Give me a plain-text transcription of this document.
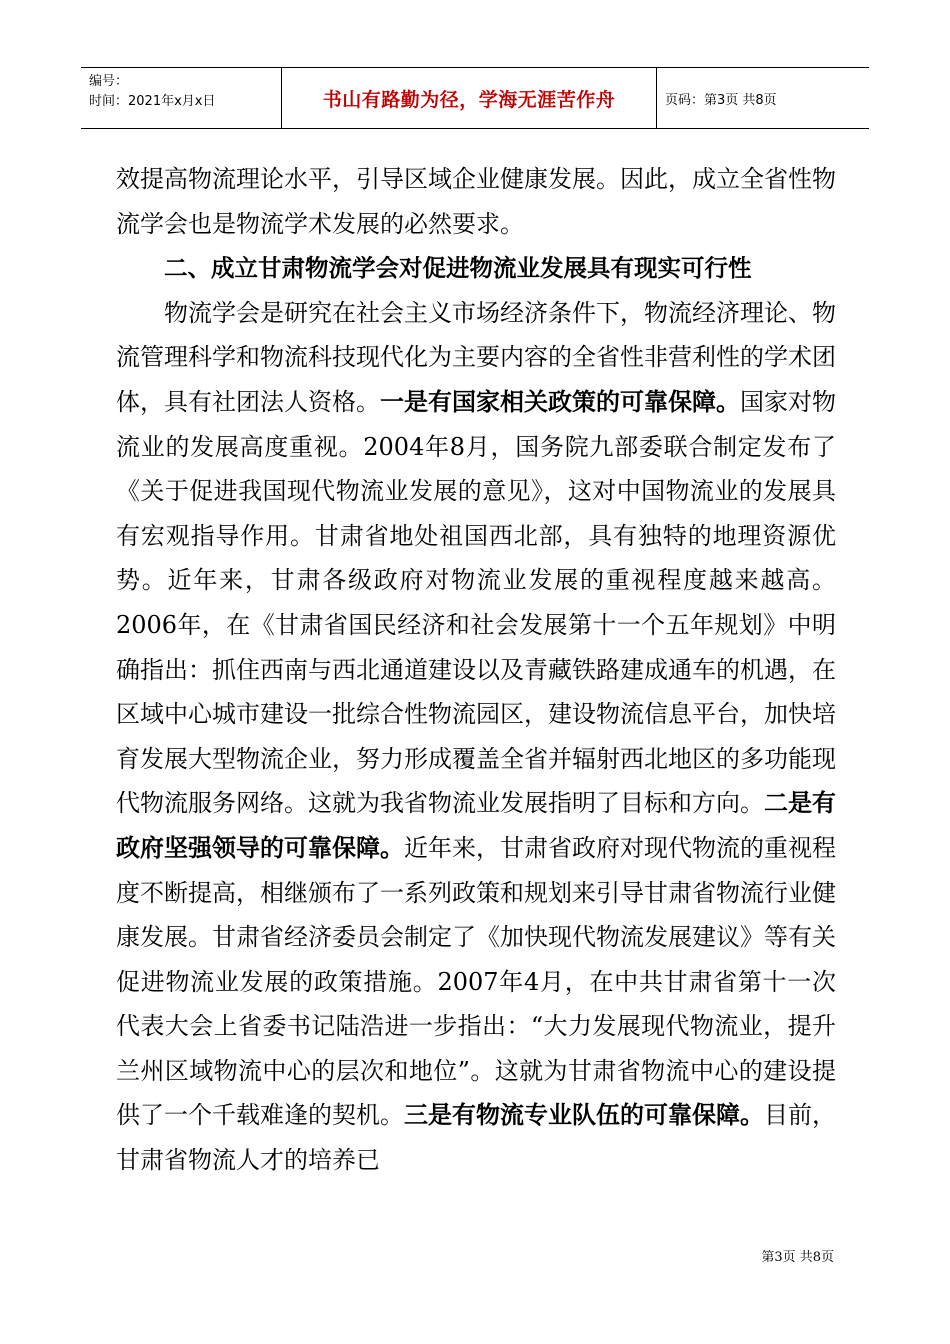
编号：
时间：2021年x月x日	书山有路勤为径，学海无涯苦作舟	页码：第3页 共8页

效提高物流理论水平，引导区域企业健康发展。因此，成立全省性物流学会也是物流学术发展的必然要求。

二、成立甘肃物流学会对促进物流业发展具有现实可行性

物流学会是研究在社会主义市场经济条件下，物流经济理论、物流管理科学和物流科技现代化为主要内容的全省性非营利性的学术团体，具有社团法人资格。一是有国家相关政策的可靠保障。国家对物流业的发展高度重视。2004年8月，国务院九部委联合制定发布了《关于促进我国现代物流业发展的意见》，这对中国物流业的发展具有宏观指导作用。甘肃省地处祖国西北部，具有独特的地理资源优势。近年来，甘肃各级政府对物流业发展的重视程度越来越高。2006年，在《甘肃省国民经济和社会发展第十一个五年规划》中明确指出：抓住西南与西北通道建设以及青藏铁路建成通车的机遇，在区域中心城市建设一批综合性物流园区，建设物流信息平台，加快培育发展大型物流企业，努力形成覆盖全省并辐射西北地区的多功能现代物流服务网络。这就为我省物流业发展指明了目标和方向。二是有政府坚强领导的可靠保障。近年来，甘肃省政府对现代物流的重视程度不断提高，相继颁布了一系列政策和规划来引导甘肃省物流行业健康发展。甘肃省经济委员会制定了《加快现代物流发展建议》等有关促进物流业发展的政策措施。2007年4月，在中共甘肃省第十一次代表大会上省委书记陆浩进一步指出：“大力发展现代物流业，提升兰州区域物流中心的层次和地位”。这就为甘肃省物流中心的建设提供了一个千载难逢的契机。三是有物流专业队伍的可靠保障。目前，甘肃省物流人才的培养已

第3页 共8页
